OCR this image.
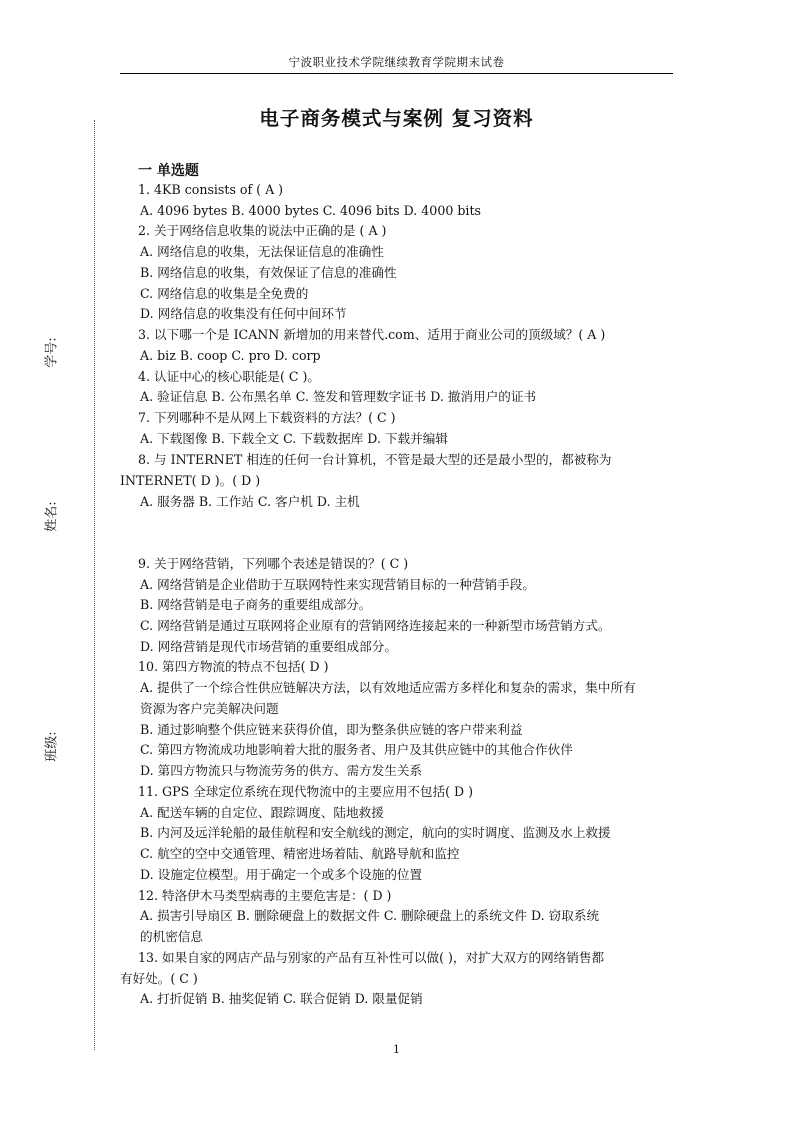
宁波职业技术学院继续教育学院期末试卷
学号:
姓名:
班级:
电子商务模式与案例 复习资料
一 单选题
1. 4KB consists of ( A )
A. 4096 bytes B. 4000 bytes C. 4096 bits D. 4000 bits
2. 关于网络信息收集的说法中正确的是 ( A )
A. 网络信息的收集，无法保证信息的准确性
B. 网络信息的收集，有效保证了信息的准确性
C. 网络信息的收集是全免费的
D. 网络信息的收集没有任何中间环节
3. 以下哪一个是 ICANN 新增加的用来替代.com、适用于商业公司的顶级域？( A )
A. biz B. coop C. pro D. corp
4. 认证中心的核心职能是( C )。
A. 验证信息 B. 公布黑名单 C. 签发和管理数字证书 D. 撤消用户的证书
7. 下列哪种不是从网上下载资料的方法？( C )
A. 下载图像 B. 下载全文 C. 下载数据库 D. 下载并编辑
8. 与 INTERNET 相连的任何一台计算机，不管是最大型的还是最小型的，都被称为
INTERNET( D )。( D )
A. 服务器 B. 工作站 C. 客户机 D. 主机
9. 关于网络营销，下列哪个表述是错误的？( C )
A. 网络营销是企业借助于互联网特性来实现营销目标的一种营销手段。
B. 网络营销是电子商务的重要组成部分。
C. 网络营销是通过互联网将企业原有的营销网络连接起来的一种新型市场营销方式。
D. 网络营销是现代市场营销的重要组成部分。
10. 第四方物流的特点不包括( D )
A. 提供了一个综合性供应链解决方法，以有效地适应需方多样化和复杂的需求，集中所有
资源为客户完美解决问题
B. 通过影响整个供应链来获得价值，即为整条供应链的客户带来利益
C. 第四方物流成功地影响着大批的服务者、用户及其供应链中的其他合作伙伴
D. 第四方物流只与物流劳务的供方、需方发生关系
11. GPS 全球定位系统在现代物流中的主要应用不包括( D )
A. 配送车辆的自定位、跟踪调度、陆地救援
B. 内河及远洋轮船的最佳航程和安全航线的测定，航向的实时调度、监测及水上救援
C. 航空的空中交通管理、精密进场着陆、航路导航和监控
D. 设施定位模型。用于确定一个或多个设施的位置
12. 特洛伊木马类型病毒的主要危害是：( D )
A. 损害引导扇区 B. 删除硬盘上的数据文件 C. 删除硬盘上的系统文件 D. 窃取系统
的机密信息
13. 如果自家的网店产品与别家的产品有互补性可以做( )，对扩大双方的网络销售都
有好处。( C )
A. 打折促销 B. 抽奖促销 C. 联合促销 D. 限量促销
1
